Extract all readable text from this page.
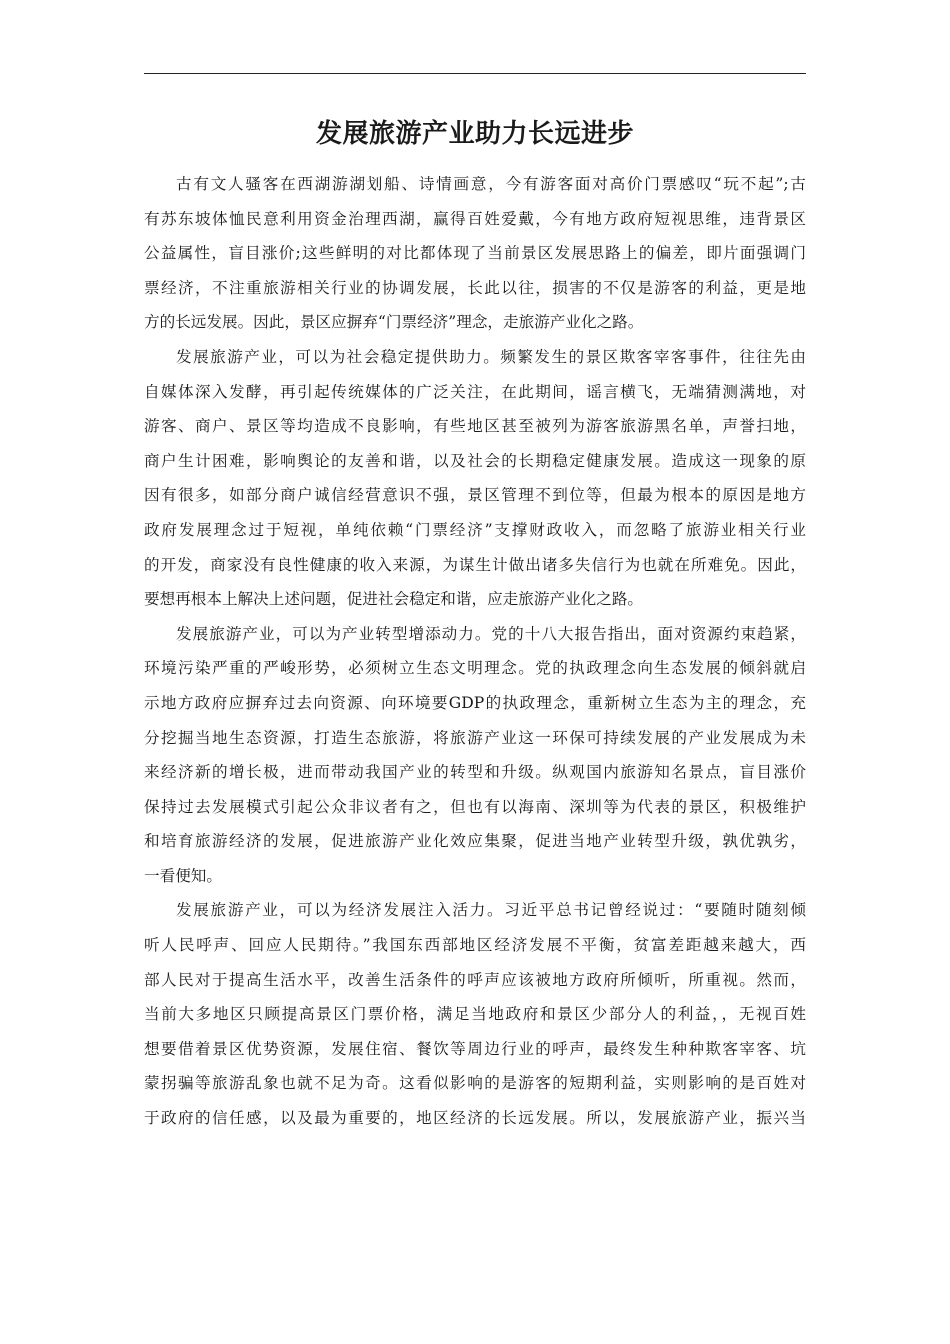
发展旅游产业助力长远进步

古有文人骚客在西湖游湖划船、诗情画意，今有游客面对高价门票感叹“玩不起”;古
有苏东坡体恤民意利用资金治理西湖，赢得百姓爱戴，今有地方政府短视思维，违背景区
公益属性，盲目涨价;这些鲜明的对比都体现了当前景区发展思路上的偏差，即片面强调门
票经济，不注重旅游相关行业的协调发展，长此以往，损害的不仅是游客的利益，更是地
方的长远发展。因此，景区应摒弃“门票经济”理念，走旅游产业化之路。

发展旅游产业，可以为社会稳定提供助力。频繁发生的景区欺客宰客事件，往往先由
自媒体深入发酵，再引起传统媒体的广泛关注，在此期间，谣言横飞，无端猜测满地，对
游客、商户、景区等均造成不良影响，有些地区甚至被列为游客旅游黑名单，声誉扫地，
商户生计困难，影响舆论的友善和谐，以及社会的长期稳定健康发展。造成这一现象的原
因有很多，如部分商户诚信经营意识不强，景区管理不到位等，但最为根本的原因是地方
政府发展理念过于短视，单纯依赖“门票经济”支撑财政收入，而忽略了旅游业相关行业
的开发，商家没有良性健康的收入来源，为谋生计做出诸多失信行为也就在所难免。因此，
要想再根本上解决上述问题，促进社会稳定和谐，应走旅游产业化之路。

发展旅游产业，可以为产业转型增添动力。党的十八大报告指出，面对资源约束趋紧，
环境污染严重的严峻形势，必须树立生态文明理念。党的执政理念向生态发展的倾斜就启
示地方政府应摒弃过去向资源、向环境要GDP的执政理念，重新树立生态为主的理念，充
分挖掘当地生态资源，打造生态旅游，将旅游产业这一环保可持续发展的产业发展成为未
来经济新的增长极，进而带动我国产业的转型和升级。纵观国内旅游知名景点，盲目涨价
保持过去发展模式引起公众非议者有之，但也有以海南、深圳等为代表的景区，积极维护
和培育旅游经济的发展，促进旅游产业化效应集聚，促进当地产业转型升级，孰优孰劣，
一看便知。

发展旅游产业，可以为经济发展注入活力。习近平总书记曾经说过：“要随时随刻倾
听人民呼声、回应人民期待。”我国东西部地区经济发展不平衡，贫富差距越来越大，西
部人民对于提高生活水平，改善生活条件的呼声应该被地方政府所倾听，所重视。然而，
当前大多地区只顾提高景区门票价格，满足当地政府和景区少部分人的利益，，无视百姓
想要借着景区优势资源，发展住宿、餐饮等周边行业的呼声，最终发生种种欺客宰客、坑
蒙拐骗等旅游乱象也就不足为奇。这看似影响的是游客的短期利益，实则影响的是百姓对
于政府的信任感，以及最为重要的，地区经济的长远发展。所以，发展旅游产业，振兴当
